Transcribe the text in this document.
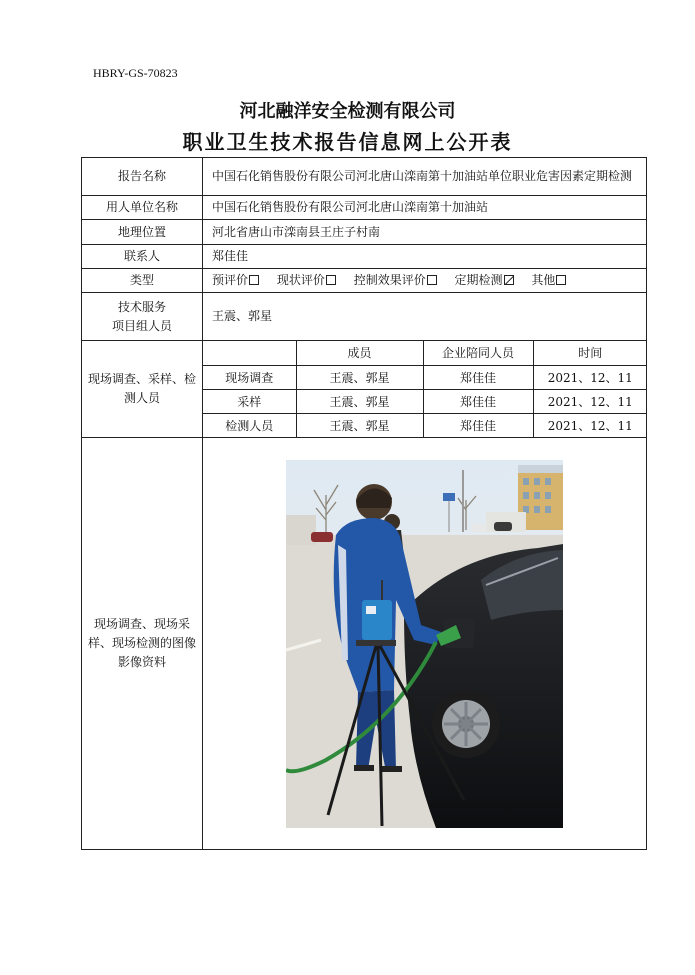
HBRY-GS-70823
河北融洋安全检测有限公司
职业卫生技术报告信息网上公开表
报告名称	中国石化销售股份有限公司河北唐山滦南第十加油站单位职业危害因素定期检测
用人单位名称	中国石化销售股份有限公司河北唐山滦南第十加油站
地理位置	河北省唐山市滦南县王庄子村南
联系人	郑佳佳
类型	预评价 现状评价 控制效果评价 定期检测 其他

技术服务
项目组人员
	王震、郭星
现场调查、采样、检测人员	
	成员	企业陪同人员	时间
现场调查	王震、郭星	郑佳佳	2021、12、11
采样	王震、郭星	郑佳佳	2021、12、11
检测人员	王震、郭星	郑佳佳	2021、12、11

现场调查、现场采样、现场检测的图像影像资料	
